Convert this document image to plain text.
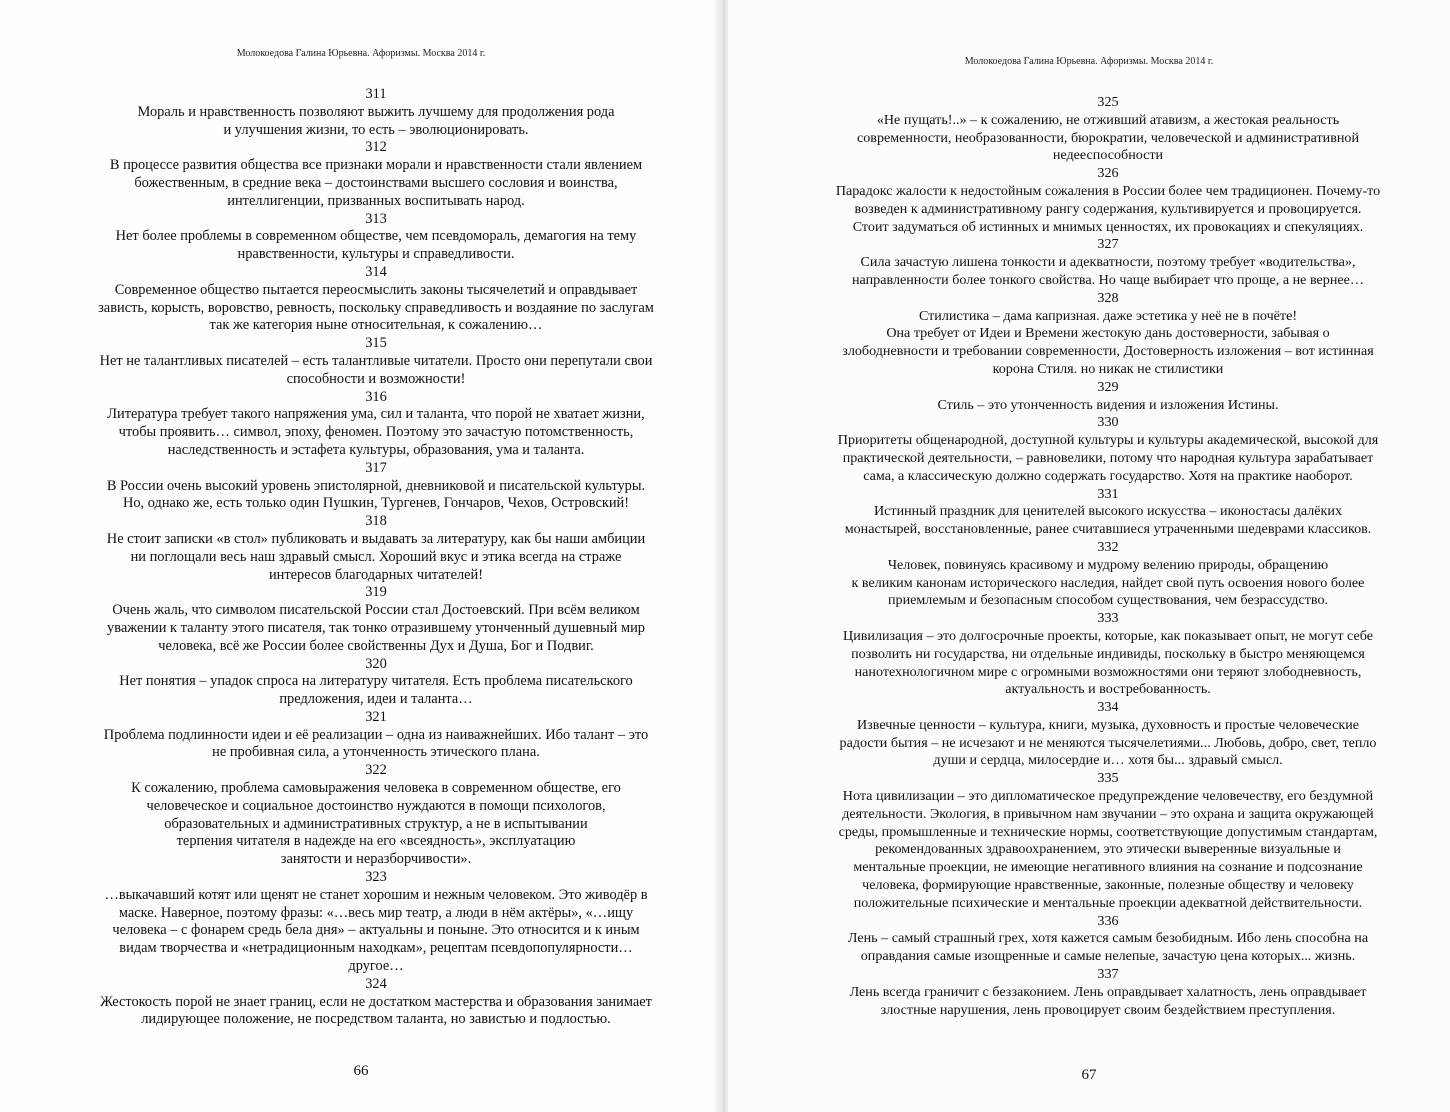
Молокоедова Галина Юрьевна. Афоризмы. Москва 2014 г.
311
Мораль и нравственность позволяют выжить лучшему для продолжения рода
и улучшения жизни, то есть – эволюционировать.
312
В процессе развития общества все признаки морали и нравственности стали явлением
божественным, в средние века – достоинствами высшего сословия и воинства,
интеллигенции, призванных воспитывать народ.
313
Нет более проблемы в современном обществе, чем псевдомораль, демагогия на тему
нравственности, культуры и справедливости.
314
Современное общество пытается переосмыслить законы тысячелетий и оправдывает
зависть, корысть, воровство, ревность, поскольку справедливость и воздаяние по заслугам
так же категория ныне относительная, к сожалению…
315
Нет не талантливых писателей – есть талантливые читатели. Просто они перепутали свои
способности и возможности!
316
Литература требует такого напряжения ума, сил и таланта, что порой не хватает жизни,
чтобы проявить… символ, эпоху, феномен. Поэтому это зачастую потомственность,
наследственность и эстафета культуры, образования, ума и таланта.
317
В России очень высокий уровень эпистолярной, дневниковой и писательской культуры.
Но, однако же, есть только один Пушкин, Тургенев, Гончаров, Чехов, Островский!
318
Не стоит записки «в стол» публиковать и выдавать за литературу, как бы наши амбиции
ни поглощали весь наш здравый смысл. Хороший вкус и этика всегда на страже
интересов благодарных читателей!
319
Очень жаль, что символом писательской России стал Достоевский. При всём великом
уважении к таланту этого писателя, так тонко отразившему утонченный душевный мир
человека, всё же России более свойственны Дух и Душа, Бог и Подвиг.
320
Нет понятия – упадок спроса на литературу читателя. Есть проблема писательского
предложения, идеи и таланта…
321
Проблема подлинности идеи и её реализации – одна из наиважнейших. Ибо талант – это
не пробивная сила, а утонченность этического плана.
322
К сожалению, проблема самовыражения человека в современном обществе, его
человеческое и социальное достоинство нуждаются в помощи психологов,
образовательных и административных структур, а не в испытывании
терпения читателя в надежде на его «всеядность», эксплуатацию
занятости и неразборчивости».
323
…выкачавший котят или щенят не станет хорошим и нежным человеком. Это живодёр в
маске. Наверное, поэтому фразы: «…весь мир театр, а люди в нём актёры», «…ищу
человека – с фонарем средь бела дня» – актуальны и поныне. Это относится и к иным
видам творчества и «нетрадиционным находкам», рецептам псевдопопулярности…
другое…
324
Жестокость порой не знает границ, если не достатком мастерства и образования занимает
лидирующее положение, не посредством таланта, но завистью и подлостью.
66
Молокоедова Галина Юрьевна. Афоризмы. Москва 2014 г.
325
«Не пущать!..» – к сожалению, не отживший атавизм, а жестокая реальность
современности, необразованности, бюрократии, человеческой и административной
недееспособности
326
Парадокс жалости к недостойным сожаления в России более чем традиционен. Почему-то
возведен к административному рангу содержания, культивируется и провоцируется.
Стоит задуматься об истинных и мнимых ценностях, их провокациях и спекуляциях.
327
Сила зачастую лишена тонкости и адекватности, поэтому требует «водительства»,
направленности более тонкого свойства. Но чаще выбирает что проще, а не вернее…
328
Стилистика – дама капризная. даже эстетика у неё не в почёте!
Она требует от Идеи и Времени жестокую дань достоверности, забывая о
злободневности и требовании современности, Достоверность изложения – вот истинная
корона Стиля. но никак не стилистики
329
Стиль – это утонченность видения и изложения Истины.
330
Приоритеты общенародной, доступной культуры и культуры академической, высокой для
практической деятельности, – равновелики, потому что народная культура зарабатывает
сама, а классическую должно содержать государство. Хотя на практике наоборот.
331
Истинный праздник для ценителей высокого искусства – иконостасы далёких
монастырей, восстановленные, ранее считавшиеся утраченными шедеврами классиков.
332
Человек, повинуясь красивому и мудрому велению природы, обращению
к великим канонам исторического наследия, найдет свой путь освоения нового более
приемлемым и безопасным способом существования, чем безрассудство.
333
Цивилизация – это долгосрочные проекты, которые, как показывает опыт, не могут себе
позволить ни государства, ни отдельные индивиды, поскольку в быстро меняющемся
нанотехнологичном мире с огромными возможностями они теряют злободневность,
актуальность и востребованность.
334
Извечные ценности – культура, книги, музыка, духовность и простые человеческие
радости бытия – не исчезают и не меняются тысячелетиями... Любовь, добро, свет, тепло
души и сердца, милосердие и… хотя бы... здравый смысл.
335
Нота цивилизации – это дипломатическое предупреждение человечеству, его бездумной
деятельности. Экология, в привычном нам звучании – это охрана и защита окружающей
среды, промышленные и технические нормы, соответствующие допустимым стандартам,
рекомендованных здравоохранением, это этически выверенные визуальные и
ментальные проекции, не имеющие негативного влияния на сознание и подсознание
человека, формирующие нравственные, законные, полезные обществу и человеку
положительные психические и ментальные проекции адекватной действительности.
336
Лень – самый страшный грех, хотя кажется самым безобидным. Ибо лень способна на
оправдания самые изощренные и самые нелепые, зачастую цена которых... жизнь.
337
Лень всегда граничит с беззаконием. Лень оправдывает халатность, лень оправдывает
злостные нарушения, лень провоцирует своим бездействием преступления.
67
